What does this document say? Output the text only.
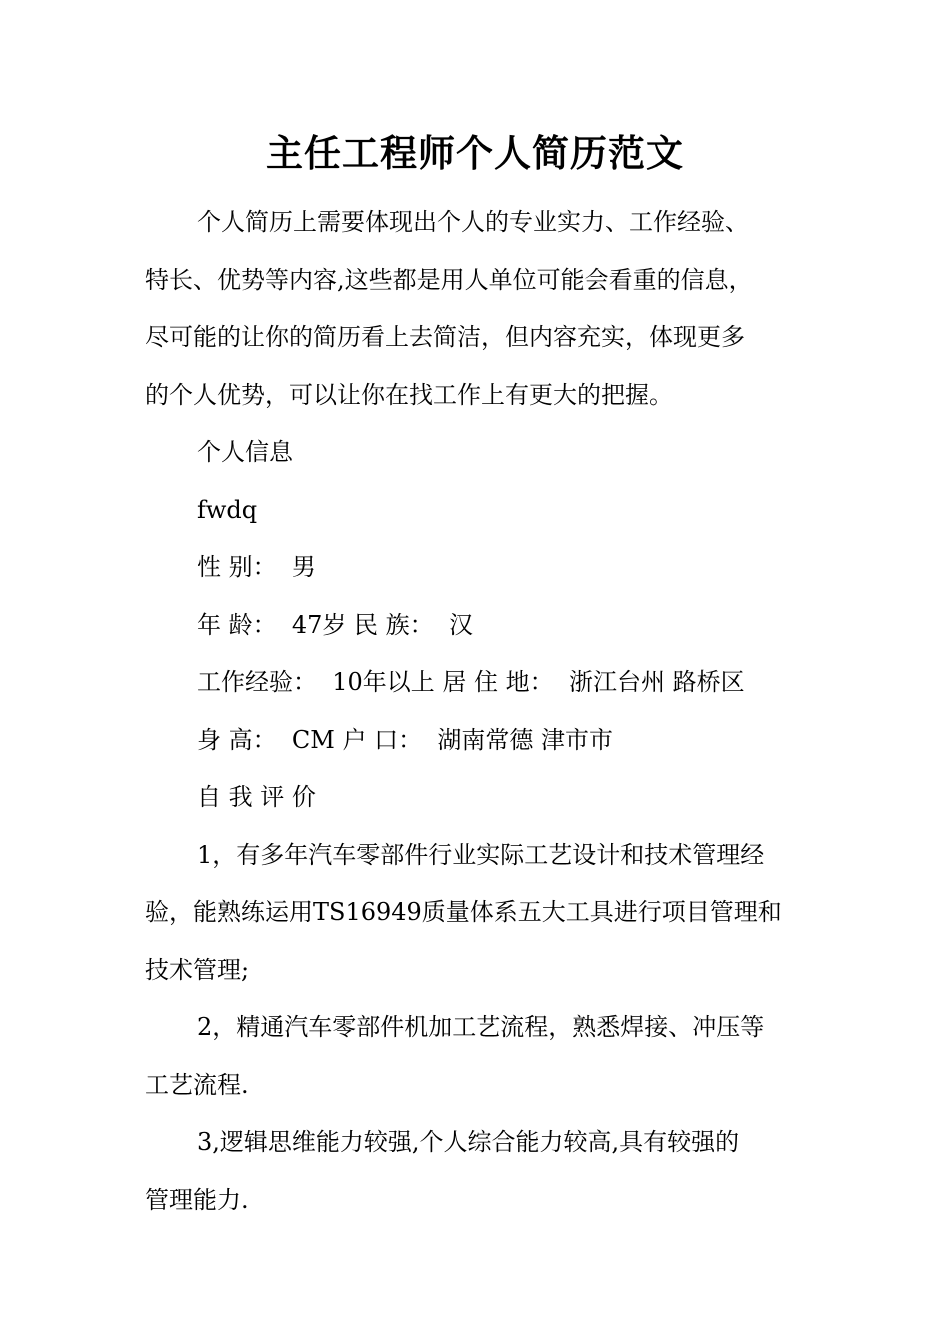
主任工程师个人简历范文
个人简历上需要体现出个人的专业实力、工作经验、
特长、优势等内容,这些都是用人单位可能会看重的信息，
尽可能的让你的简历看上去简洁，但内容充实，体现更多
的个人优势，可以让你在找工作上有更大的把握。
个人信息
fwdq
性 别：  男
年 龄：  47岁 民 族：  汉
工作经验：  10年以上 居 住 地：  浙江台州 路桥区
身 高：  CM 户 口：  湖南常德 津市市
自 我 评 价
1，有多年汽车零部件行业实际工艺设计和技术管理经
验，能熟练运用TS16949质量体系五大工具进行项目管理和
技术管理;
2，精通汽车零部件机加工艺流程，熟悉焊接、冲压等
工艺流程.
3,逻辑思维能力较强,个人综合能力较高,具有较强的
管理能力.
